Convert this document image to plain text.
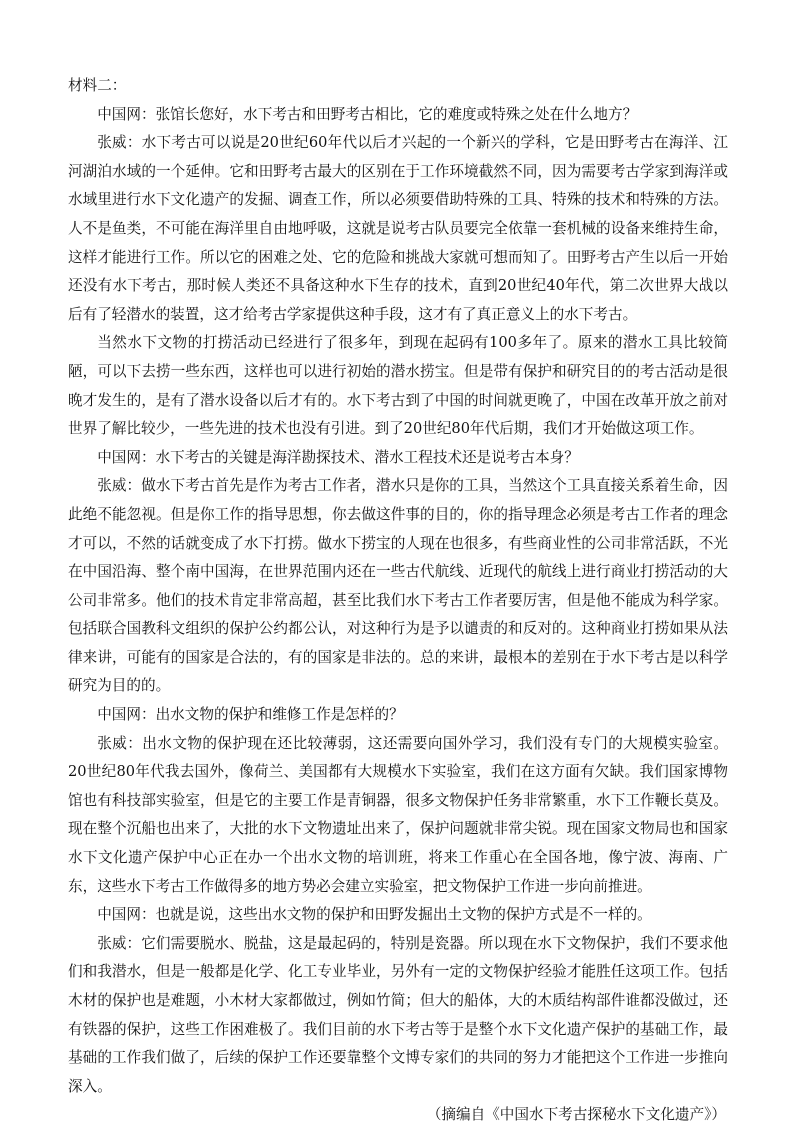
材料二：

中国网：张馆长您好，水下考古和田野考古相比，它的难度或特殊之处在什么地方？

张威：水下考古可以说是20世纪60年代以后才兴起的一个新兴的学科，它是田野考古在海洋、江河湖泊水域的一个延伸。它和田野考古最大的区别在于工作环境截然不同，因为需要考古学家到海洋或水域里进行水下文化遗产的发掘、调查工作，所以必须要借助特殊的工具、特殊的技术和特殊的方法。人不是鱼类，不可能在海洋里自由地呼吸，这就是说考古队员要完全依靠一套机械的设备来维持生命，这样才能进行工作。所以它的困难之处、它的危险和挑战大家就可想而知了。田野考古产生以后一开始还没有水下考古，那时候人类还不具备这种水下生存的技术，直到20世纪40年代，第二次世界大战以后有了轻潜水的装置，这才给考古学家提供这种手段，这才有了真正意义上的水下考古。

当然水下文物的打捞活动已经进行了很多年，到现在起码有100多年了。原来的潜水工具比较简陋，可以下去捞一些东西，这样也可以进行初始的潜水捞宝。但是带有保护和研究目的的考古活动是很晚才发生的，是有了潜水设备以后才有的。水下考古到了中国的时间就更晚了，中国在改革开放之前对世界了解比较少，一些先进的技术也没有引进。到了20世纪80年代后期，我们才开始做这项工作。

中国网：水下考古的关键是海洋勘探技术、潜水工程技术还是说考古本身？

张威：做水下考古首先是作为考古工作者，潜水只是你的工具，当然这个工具直接关系着生命，因此绝不能忽视。但是你工作的指导思想，你去做这件事的目的，你的指导理念必须是考古工作者的理念才可以，不然的话就变成了水下打捞。做水下捞宝的人现在也很多，有些商业性的公司非常活跃，不光在中国沿海、整个南中国海，在世界范围内还在一些古代航线、近现代的航线上进行商业打捞活动的大公司非常多。他们的技术肯定非常高超，甚至比我们水下考古工作者要厉害，但是他不能成为科学家。包括联合国教科文组织的保护公约都公认，对这种行为是予以谴责的和反对的。这种商业打捞如果从法律来讲，可能有的国家是合法的，有的国家是非法的。总的来讲，最根本的差别在于水下考古是以科学研究为目的的。

中国网：出水文物的保护和维修工作是怎样的？

张威：出水文物的保护现在还比较薄弱，这还需要向国外学习，我们没有专门的大规模实验室。20世纪80年代我去国外，像荷兰、美国都有大规模水下实验室，我们在这方面有欠缺。我们国家博物馆也有科技部实验室，但是它的主要工作是青铜器，很多文物保护任务非常繁重，水下工作鞭长莫及。现在整个沉船也出来了，大批的水下文物遗址出来了，保护问题就非常尖锐。现在国家文物局也和国家水下文化遗产保护中心正在办一个出水文物的培训班，将来工作重心在全国各地，像宁波、海南、广东，这些水下考古工作做得多的地方势必会建立实验室，把文物保护工作进一步向前推进。

中国网：也就是说，这些出水文物的保护和田野发掘出土文物的保护方式是不一样的。

张威：它们需要脱水、脱盐，这是最起码的，特别是瓷器。所以现在水下文物保护，我们不要求他们和我潜水，但是一般都是化学、化工专业毕业，另外有一定的文物保护经验才能胜任这项工作。包括木材的保护也是难题，小木材大家都做过，例如竹简；但大的船体，大的木质结构部件谁都没做过，还有铁器的保护，这些工作困难极了。我们目前的水下考古等于是整个水下文化遗产保护的基础工作，最基础的工作我们做了，后续的保护工作还要靠整个文博专家们的共同的努力才能把这个工作进一步推向深入。

（摘编自《中国水下考古探秘水下文化遗产》）
